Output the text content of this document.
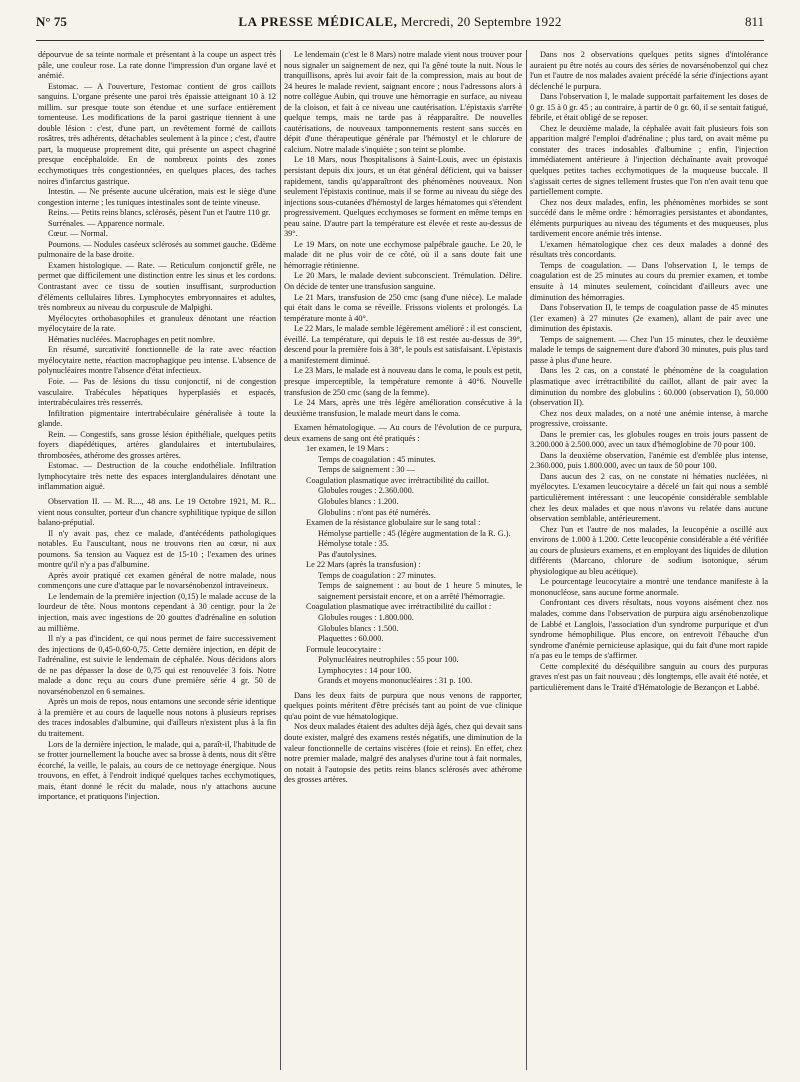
N° 75	LA PRESSE MÉDICALE, Mercredi, 20 Septembre 1922	811

dépourvue de sa teinte normale et présentant à la coupe un aspect très pâle, une couleur rose. La rate donne l'impression d'un organe lavé et anémié.

Estomac. — A l'ouverture, l'estomac contient de gros caillots sanguins. L'organe présente une paroi très épaissie atteignant 10 à 12 millim. sur presque toute son étendue et une surface entièrement tomenteuse. Les modifications de la paroi gastrique tiennent à une double lésion : c'est, d'une part, un revêtement formé de caillots rosâtres, très adhérents, détachables seulement à la pince ; c'est, d'autre part, la muqueuse proprement dite, qui présente un aspect chagriné presque encéphaloïde. En de nombreux points des zones ecchymotiques très congestionnées, en quelques places, des taches noires d'infarctus gastrique.

Intestin. — Ne présente aucune ulcération, mais est le siège d'une congestion interne ; les tuniques intestinales sont de teinte vineuse.

Reins. — Petits reins blancs, sclérosés, pèsent l'un et l'autre 110 gr.

Surrénales. — Apparence normale.

Cœur. — Normal.

Poumons. — Nodules caséeux sclérosés au sommet gauche. Œdème pulmonaire de la base droite.

Examen histologique. — Rate. — Reticulum conjonctif grêle, ne permet que difficilement une distinction entre les sinus et les cordons. Contrastant avec ce tissu de soutien insuffisant, surproduction d'éléments cellulaires libres. Lymphocytes embryonnaires et adultes, très nombreux au niveau du corpuscule de Malpighi.

Myélocytes orthobasophiles et granuleux dénotant une réaction myélocytaire de la rate.

Hématies nucléées. Macrophages en petit nombre.

En résumé, surcativité fonctionnelle de la rate avec réaction myélocytaire nette, réaction macrophagique peu intense. L'absence de polynucléaires montre l'absence d'état infectieux.

Foie. — Pas de lésions du tissu conjonctif, ni de congestion vasculaire. Trabécules hépatiques hyperplasiés et espacés, intertrabéculaires très resserrés.

Infiltration pigmentaire intertrabéculaire généralisée à toute la glande.

Rein. — Congestifs, sans grosse lésion épithéliale, quelques petits foyers diapédétiques, artères glandulaires et intertubulaires, thrombosées, athérome des grosses artères.

Estomac. — Destruction de la couche endothéliale. Infiltration lymphocytaire très nette des espaces interglandulaires dénotant une inflammation aiguë.

Observation II. — M. R...., 48 ans. Le 19 Octobre 1921, M. R... vient nous consulter, porteur d'un chancre syphilitique typique de sillon balano-préputial.

Il n'y avait pas, chez ce malade, d'antécédents pathologiques notables. Eu l'auscultant, nous ne trouvons rien au cœur, ni aux poumons. Sa tension au Vaquez est de 15-10 ; l'examen des urines montre qu'il n'y a pas d'albumine.

Après avoir pratiqué cet examen général de notre malade, nous commençons une cure d'attaque par le novarsénobenzol intraveineux.

Le lendemain de la première injection (0,15) le malade accuse de la lourdeur de tête. Nous montons cependant à 30 centigr. pour la 2e injection, mais avec ingestions de 20 gouttes d'adrénaline en solution au millième.

Il n'y a pas d'incident, ce qui nous permet de faire successivement des injections de 0,45-0,60-0,75. Cette dernière injection, en dépit de l'adrénaline, est suivie le lendemain de céphalée. Nous décidons alors de ne pas dépasser la dose de 0,75 qui est renouvelée 3 fois. Notre malade a donc reçu au cours d'une première série 4 gr. 50 de novarsénobenzol en 6 semaines.

Après un mois de repos, nous entamons une seconde série identique à la première et au cours de laquelle nous notons à plusieurs reprises des traces indosables d'albumine, qui d'ailleurs n'existent plus à la fin du traitement.

Lors de la dernière injection, le malade, qui a, paraît-il, l'habitude de se frotter journellement la bouche avec sa brosse à dents, nous dit s'être écorché, la veille, le palais, au cours de ce nettoyage énergique. Nous trouvons, en effet, à l'endroit indiqué quelques taches ecchymotiques, mais, étant donné le récit du malade, nous n'y attachons aucune importance, et pratiquons l'injection.

Le lendemain (c'est le 8 Mars) notre malade vient nous trouver pour nous signaler un saignement de nez, qui l'a gêné toute la nuit. Nous le tranquillisons, après lui avoir fait de la compression, mais au bout de 24 heures le malade revient, saignant encore ; nous l'adressons alors à notre collègue Aubin, qui trouve une hémorragie en surface, au niveau de la cloison, et fait à ce niveau une cautérisation. L'épistaxis s'arrête quelque temps, mais ne tarde pas à réapparaître. De nouvelles cautérisations, de nouveaux tamponnements restent sans succès en dépit d'une thérapeutique générale par l'hémostyl et le chlorure de calcium. Notre malade s'inquiète ; son teint se plombe.

Le 18 Mars, nous l'hospitalisons à Saint-Louis, avec un épistaxis persistant depuis dix jours, et un état général déficient, qui va baisser rapidement, tandis qu'apparaîtront des phénomènes nouveaux. Non seulement l'épistaxis continue, mais il se forme au niveau du siège des injections sous-cutanées d'hémostyl de larges hématomes qui s'étendent progressivement. Quelques ecchymoses se forment en même temps en peau saine. D'autre part la température est élevée et reste au-dessus de 39°.

Le 19 Mars, on note une ecchymose palpébrale gauche. Le 20, le malade dit ne plus voir de ce côté, où il a sans doute fait une hémorragie rétinienne.

Le 20 Mars, le malade devient subconscient. Trémulation. Délire. On décide de tenter une transfusion sanguine.

Le 21 Mars, transfusion de 250 cmc (sang d'une nièce). Le malade qui était dans le coma se réveille. Frissons violents et prolongés. La température monte à 40°.

Le 22 Mars, le malade semble légèrement amélioré : il est conscient, éveillé. La température, qui depuis le 18 est restée au-dessus de 39°, descend pour la première fois à 38°, le pouls est satisfaisant. L'épistaxis a manifestement diminué.

Le 23 Mars, le malade est à nouveau dans le coma, le pouls est petit, presque imperceptible, la température remonte à 40°6. Nouvelle transfusion de 250 cmc (sang de la femme).

Le 24 Mars, après une très légère amélioration consécutive à la deuxième transfusion, le malade meurt dans le coma.

Examen hématologique. — Au cours de l'évolution de ce purpura, deux examens de sang ont été pratiqués :

1er examen, le 19 Mars :

Temps de coagulation : 45 minutes.

Temps de saignement : 30 —

Coagulation plasmatique avec irrétractibilité du caillot.

Globules rouges : 2.360.000.

Globules blancs : 1.200.

Globulins : n'ont pas été numérés.

Examen de la résistance globulaire sur le sang total :

Hémolyse partielle : 45 (légère augmentation de la R. G.).

Hémolyse totale : 35.

Pas d'autolysines.

Le 22 Mars (après la transfusion) :

Temps de coagulation : 27 minutes.

Temps de saignement : au bout de 1 heure 5 minutes, le saignement persistait encore, et on a arrêté l'hémorragie.

Coagulation plasmatique avec irrétractibilité du caillot :

Globules rouges : 1.800.000.

Globules blancs : 1.500.

Plaquettes : 60.000.

Formule leucocytaire :

Polynucléaires neutrophiles : 55 pour 100.

Lymphocytes : 14 pour 100.

Grands et moyens mononucléaires : 31 p. 100.

Dans les deux faits de purpura que nous venons de rapporter, quelques points méritent d'être précisés tant au point de vue clinique qu'au point de vue hématologique.

Nos deux malades étaient des adultes déjà âgés, chez qui devait sans doute exister, malgré des examens restés négatifs, une diminution de la valeur fonctionnelle de certains viscères (foie et reins). En effet, chez notre premier malade, malgré des analyses d'urine tout à fait normales, on notait à l'autopsie des petits reins blancs sclérosés avec athérome des grosses artères.

Dans nos 2 observations quelques petits signes d'intolérance auraient pu être notés au cours des séries de novarsénobenzol qui chez l'un et l'autre de nos malades avaient précédé la série d'injections ayant déclenché le purpura.

Dans l'observation I, le malade supportait parfaitement les doses de 0 gr. 15 à 0 gr. 45 ; au contraire, à partir de 0 gr. 60, il se sentait fatigué, fébrile, et était obligé de se reposer.

Chez le deuxième malade, la céphalée avait fait plusieurs fois son apparition malgré l'emploi d'adrénaline ; plus tard, on avait même pu constater des traces indosables d'albumine ; enfin, l'injection immédiatement antérieure à l'injection déchaînante avait provoqué quelques petites taches ecchymotiques de la muqueuse buccale. Il s'agissait certes de signes tellement frustes que l'on n'en avait tenu que partiellement compte.

Chez nos deux malades, enfin, les phénomènes morbides se sont succédé dans le même ordre : hémorragies persistantes et abondantes, éléments purpuriques au niveau des téguments et des muqueuses, plus tardivement encore anémie très intense.

L'examen hématologique chez ces deux malades a donné des résultats très concordants.

Temps de coagulation. — Dans l'observation I, le temps de coagulation est de 25 minutes au cours du premier examen, et tombe ensuite à 14 minutes seulement, coïncidant d'ailleurs avec une diminution des hémorragies.

Dans l'observation II, le temps de coagulation passe de 45 minutes (1er examen) à 27 minutes (2e examen), allant de pair avec une diminution des épistaxis.

Temps de saignement. — Chez l'un 15 minutes, chez le deuxième malade le temps de saignement dure d'abord 30 minutes, puis plus tard passe à plus d'une heure.

Dans les 2 cas, on a constaté le phénomène de la coagulation plasmatique avec irrétractibilité du caillot, allant de pair avec la diminution du nombre des globulins : 60.000 (observation I), 50.000 (observation II).

Chez nos deux malades, on a noté une anémie intense, à marche progressive, croissante.

Dans le premier cas, les globules rouges en trois jours passent de 3.200.000 à 2.500.000, avec un taux d'hémoglobine de 70 pour 100.

Dans la deuxième observation, l'anémie est d'emblée plus intense, 2.360.000, puis 1.800.000, avec un taux de 50 pour 100.

Dans aucun des 2 cas, on ne constate ni hématies nucléées, ni myélocytes. L'examen leucocytaire a décelé un fait qui nous a semblé particulièrement intéressant : une leucopénie considérable semblable chez les deux malades et que nous n'avons vu relatée dans aucune observation semblable, antérieurement.

Chez l'un et l'autre de nos malades, la leucopénie a oscillé aux environs de 1.000 à 1.200. Cette leucopénie considérable a été vérifiée au cours de plusieurs examens, et en employant des liquides de dilution différents (Marcano, chlorure de sodium isotonique, sérum physiologique au bleu acétique).

Le pourcentage leucocytaire a montré une tendance manifeste à la mononucléose, sans aucune forme anormale.

Confrontant ces divers résultats, nous voyons aisément chez nos malades, comme dans l'observation de purpura aigu arsénobenzolique de Labbé et Langlois, l'association d'un syndrome purpurique et d'un syndrome hémophilique. Plus encore, on entrevoit l'ébauche d'un syndrome d'anémie pernicieuse aplasique, qui du fait d'une mort rapide n'a pas eu le temps de s'affirmer.

Cette complexité du déséquilibre sanguin au cours des purpuras graves n'est pas un fait nouveau ; dès longtemps, elle avait été notée, et particulièrement dans le Traité d'Hématologie de Bezançon et Labbé.
